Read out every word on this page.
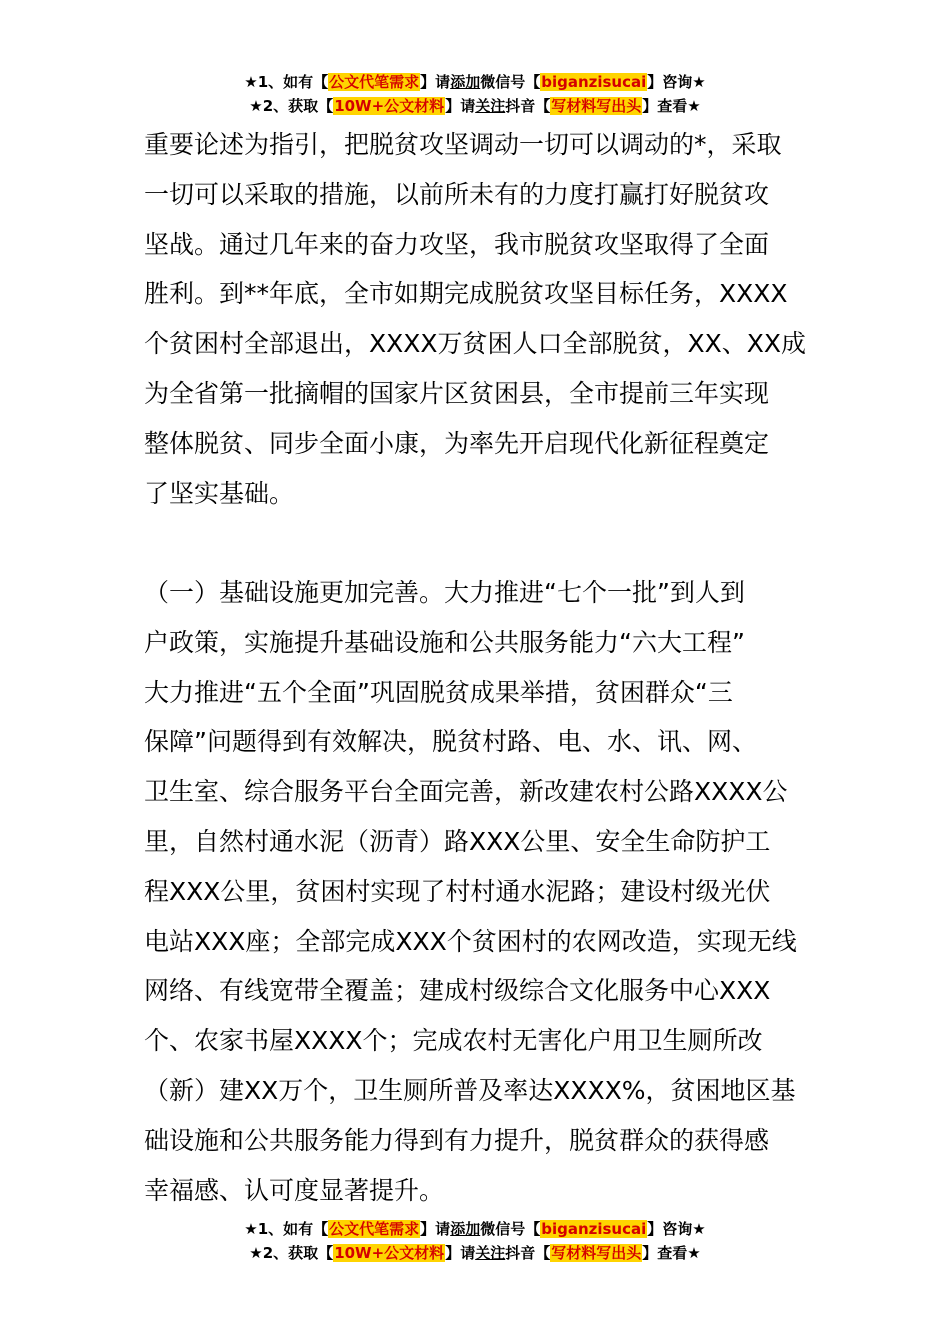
★1、如有【公文代笔需求】请添加微信号【biganzisucai】咨询★
★2、获取【10W+公文材料】请关注抖音【写材料写出头】查看★
重要论述为指引，把脱贫攻坚调动一切可以调动的*，采取
一切可以采取的措施，以前所未有的力度打赢打好脱贫攻
坚战。通过几年来的奋力攻坚，我市脱贫攻坚取得了全面
胜利。到**年底，全市如期完成脱贫攻坚目标任务，XXXX
个贫困村全部退出，XXXX万贫困人口全部脱贫，XX、XX成
为全省第一批摘帽的国家片区贫困县，全市提前三年实现
整体脱贫、同步全面小康，为率先开启现代化新征程奠定
了坚实基础。
（一）基础设施更加完善。大力推进“七个一批”到人到
户政策，实施提升基础设施和公共服务能力“六大工程”
大力推进“五个全面”巩固脱贫成果举措，贫困群众“三
保障”问题得到有效解决，脱贫村路、电、水、讯、网、
卫生室、综合服务平台全面完善，新改建农村公路XXXX公
里，自然村通水泥（沥青）路XXX公里、安全生命防护工
程XXX公里，贫困村实现了村村通水泥路；建设村级光伏
电站XXX座；全部完成XXX个贫困村的农网改造，实现无线
网络、有线宽带全覆盖；建成村级综合文化服务中心XXX
个、农家书屋XXXX个；完成农村无害化户用卫生厕所改
（新）建XX万个，卫生厕所普及率达XXXX%，贫困地区基
础设施和公共服务能力得到有力提升，脱贫群众的获得感
幸福感、认可度显著提升。
★1、如有【公文代笔需求】请添加微信号【biganzisucai】咨询★
★2、获取【10W+公文材料】请关注抖音【写材料写出头】查看★
